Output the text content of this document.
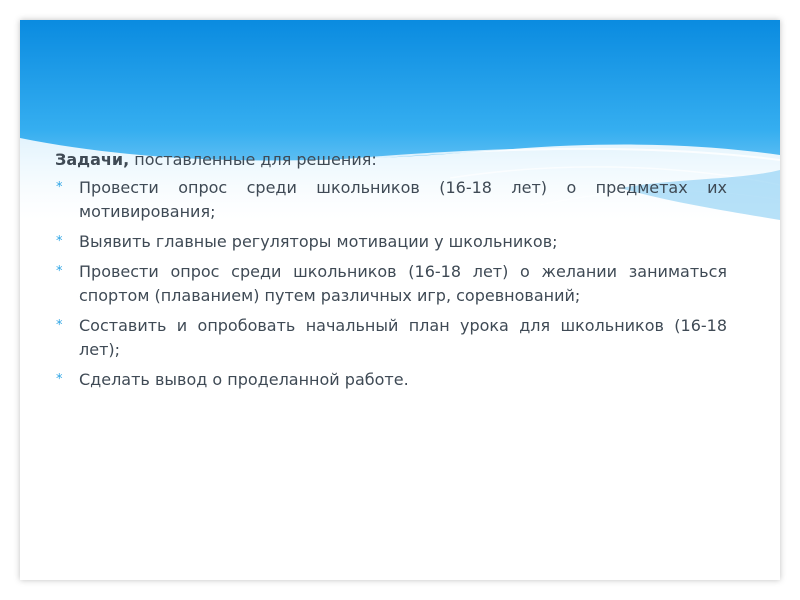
Задачи, поставленные для решения:

* Провести опрос среди школьников (16-18 лет) о предметах их мотивирования;
* Выявить главные регуляторы мотивации у школьников;
* Провести опрос среди школьников (16-18 лет) о желании заниматься спортом (плаванием) путем различных игр, соревнований;
* Составить и опробовать начальный план урока для школьников (16-18 лет);
* Сделать вывод о проделанной работе.
